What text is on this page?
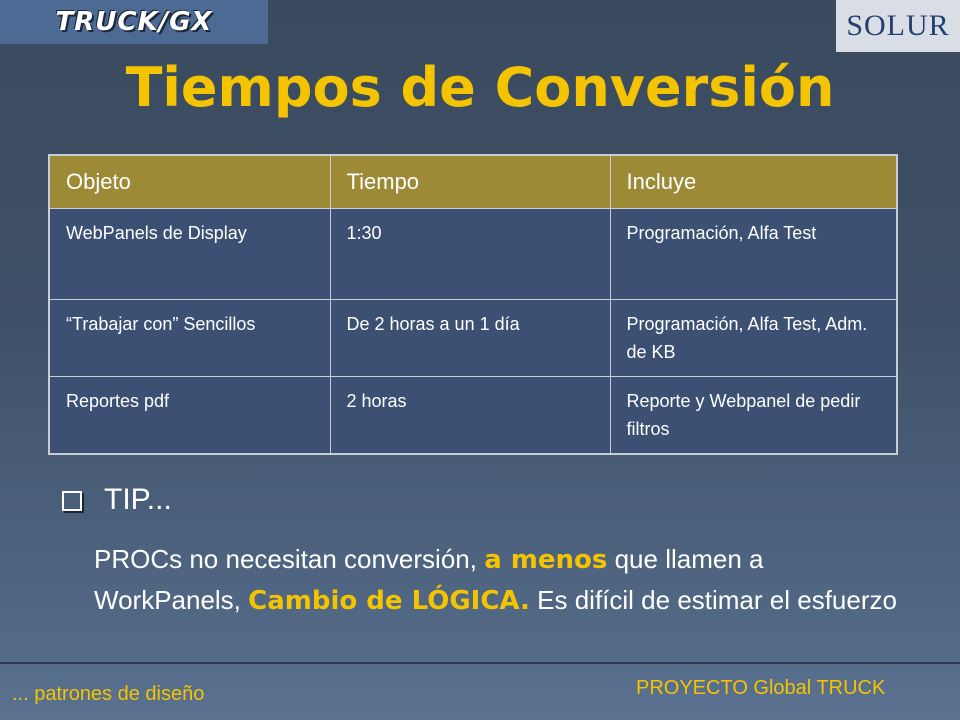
TRUCK/GX	SOLUR
Tiempos de Conversión
Objeto	Tiempo	Incluye
WebPanels de Display	1:30	Programación, Alfa Test
“Trabajar con” Sencillos	De 2 horas a un 1 día	Programación, Alfa Test, Adm. de KB
Reportes pdf	2 horas	Reporte y Webpanel de pedir filtros
TIP...

PROCs no necesitan conversión, a menos que llamen a WorkPanels, Cambio de LÓGICA. Es difícil de estimar el esfuerzo

... patrones de diseño	PROYECTO Global TRUCK
